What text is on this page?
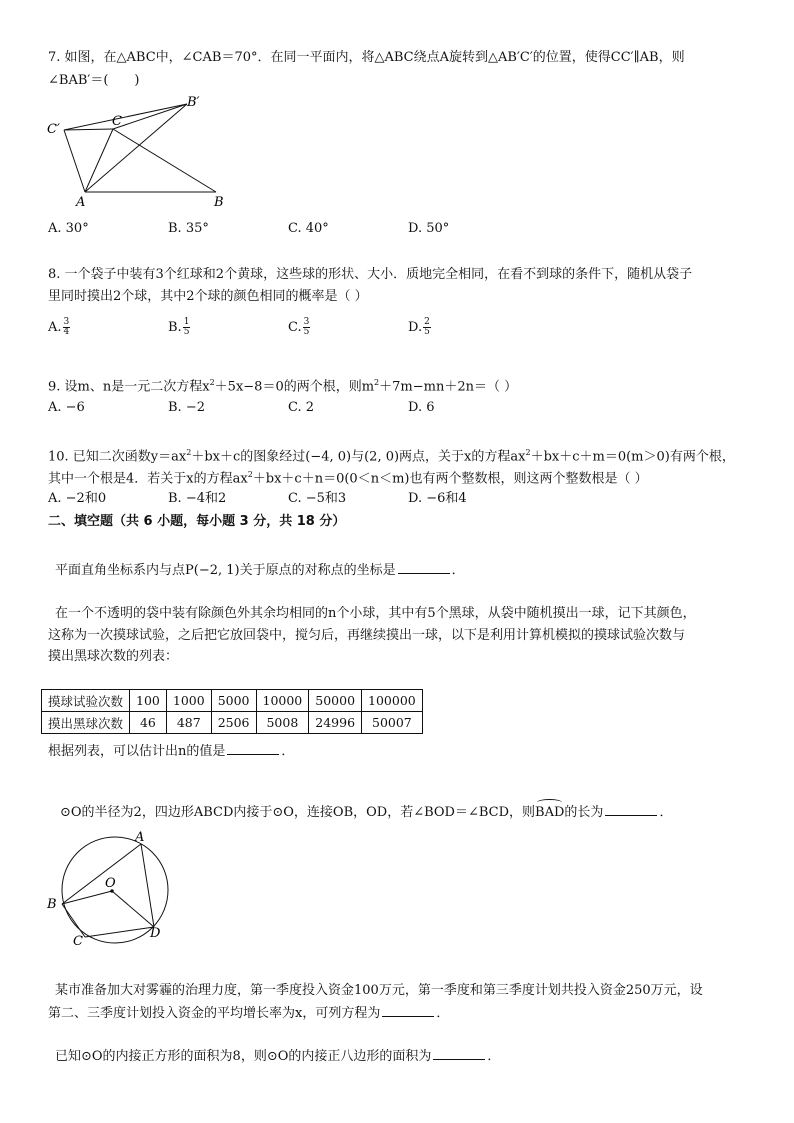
7. 如图，在△ABC中，∠CAB＝70°．在同一平面内，将△ABC绕点A旋转到△AB′C′的位置，使得CC′∥AB，则
∠BAB′＝(　　)
C′
C
B′
A	B
A. 30°	B. 35°	C. 40°	D. 50°
8. 一个袋子中装有3个红球和2个黄球，这些球的形状、大小．质地完全相同，在看不到球的条件下，随机从袋子
里同时摸出2个球，其中2个球的颜色相同的概率是（ ）
A. $\frac{3}{4}$	B. $\frac{1}{5}$	C. $\frac{3}{5}$	D. $\frac{2}{5}$
9. 设m、n是一元二次方程$x^2+5x-8=0$的两个根，则$m^2+7m-mn+2n=$（ ）
A. −6	B. −2	C. 2	D. 6
10. 已知二次函数$y=ax^2+bx+c$的图象经过(−4, 0)与(2, 0)两点，关于x的方程$ax^2+bx+c+m=0(m>0)$有两个根，
其中一个根是4．若关于x的方程$ax^2+bx+c+n=0(0<n<m)$也有两个整数根，则这两个整数根是（ ）
A. −2和0	B. −4和2	C. −5和3	D. −6和4
二、填空题（共 6 小题，每小题 3 分，共 18 分）
平面直角坐标系内与点P(−2, 1)关于原点的对称点的坐标是	．
在一个不透明的袋中装有除颜色外其余均相同的n个小球，其中有5个黑球，从袋中随机摸出一球，记下其颜色，
这称为一次摸球试验，之后把它放回袋中，搅匀后，再继续摸出一球，以下是利用计算机模拟的摸球试验次数与
摸出黑球次数的列表：
摸球试验次数	100	1000	5000	10000	50000	100000
摸出黑球次数	46	487	2506	5008	24996	50007
根据列表，可以估计出n的值是	．
⊙O的半径为2，四边形ABCD内接于⊙O，连接OB，OD，若∠BOD＝∠BCD，则BAD的长为	．
A
O
B
C
D
某市准备加大对雾霾的治理力度，第一季度投入资金100万元，第一季度和第三季度计划共投入资金250万元，设
第二、三季度计划投入资金的平均增长率为x，可列方程为	．
已知⊙O的内接正方形的面积为8，则⊙O的内接正八边形的面积为	．
